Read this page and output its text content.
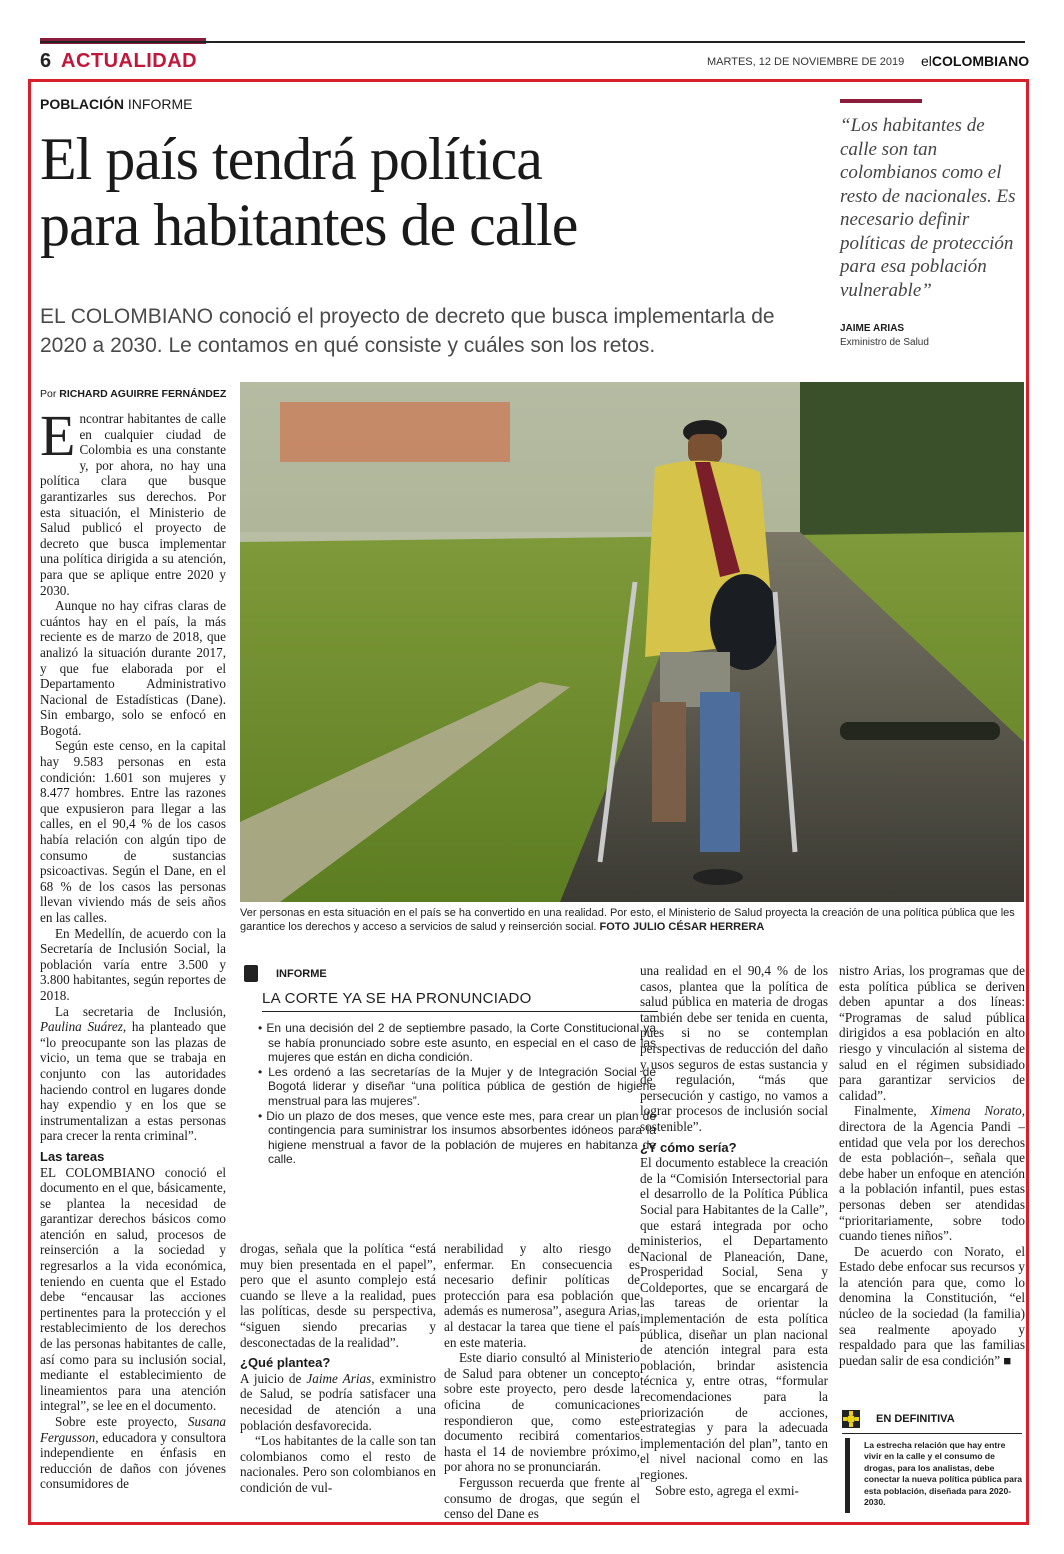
6 ACTUALIDAD	MARTES, 12 DE NOVIEMBRE DE 2019 elCOLOMBIANO
POBLACIÓN INFORME
El país tendrá política
para habitantes de calle
EL COLOMBIANO conoció el proyecto de decreto que busca implementarla de 2020 a 2030. Le contamos en qué consiste y cuáles son los retos.
“Los habitantes de calle son tan colombianos como el resto de nacionales. Es necesario definir políticas de protección para esa población vulnerable”
JAIME ARIAS
Exministro de Salud
Por RICHARD AGUIRRE FERNÁNDEZ

Encontrar habitantes de calle en cualquier ciudad de Colombia es una constante y, por ahora, no hay una política clara que busque garantizarles sus derechos. Por esta situación, el Ministerio de Salud publicó el proyecto de decreto que busca implementar una política dirigida a su atención, para que se aplique entre 2020 y 2030.

Aunque no hay cifras claras de cuántos hay en el país, la más reciente es de marzo de 2018, que analizó la situación durante 2017, y que fue elaborada por el Departamento Administrativo Nacional de Estadísticas (Dane). Sin embargo, solo se enfocó en Bogotá.

Según este censo, en la capital hay 9.583 personas en esta condición: 1.601 son mujeres y 8.477 hombres. Entre las razones que expusieron para llegar a las calles, en el 90,4 % de los casos había relación con algún tipo de consumo de sustancias psicoactivas. Según el Dane, en el 68 % de los casos las personas llevan viviendo más de seis años en las calles.

En Medellín, de acuerdo con la Secretaría de Inclusión Social, la población varía entre 3.500 y 3.800 habitantes, según reportes de 2018.

La secretaria de Inclusión, Paulina Suárez, ha planteado que “lo preocupante son las plazas de vicio, un tema que se trabaja en conjunto con las autoridades haciendo control en lugares donde hay expendio y en los que se instrumentalizan a estas personas para crecer la renta criminal”.

Las tareas

EL COLOMBIANO conoció el documento en el que, básicamente, se plantea la necesidad de garantizar derechos básicos como atención en salud, procesos de reinserción a la sociedad y regresarlos a la vida económica, teniendo en cuenta que el Estado debe “encausar las acciones pertinentes para la protección y el restablecimiento de los derechos de las personas habitantes de calle, así como para su inclusión social, mediante el establecimiento de lineamientos para una atención integral”, se lee en el documento.

Sobre este proyecto, Susana Fergusson, educadora y consultora independiente en énfasis en reducción de daños con jóvenes consumidores de

Ver personas en esta situación en el país se ha convertido en una realidad. Por esto, el Ministerio de Salud proyecta la creación de una política pública que les garantice los derechos y acceso a servicios de salud y reinserción social. FOTO JULIO CÉSAR HERRERA
INFORME
LA CORTE YA SE HA PRONUNCIADO
• En una decisión del 2 de septiembre pasado, la Corte Constitucional ya se había pronunciado sobre este asunto, en especial en el caso de las mujeres que están en dicha condición.
• Les ordenó a las secretarías de la Mujer y de Integración Social de Bogotá liderar y diseñar “una política pública de gestión de higiene menstrual para las mujeres”.
• Dio un plazo de dos meses, que vence este mes, para crear un plan de contingencia para suministrar los insumos absorbentes idóneos para la higiene menstrual a favor de la población de mujeres en habitanza de calle.

drogas, señala que la política “está muy bien presentada en el papel”, pero que el asunto complejo está cuando se lleve a la realidad, pues las políticas, desde su perspectiva, “siguen siendo precarias y desconectadas de la realidad”.

¿Qué plantea?

A juicio de Jaime Arias, exministro de Salud, se podría satisfacer una necesidad de atención a una población desfavorecida.

“Los habitantes de la calle son tan colombianos como el resto de nacionales. Pero son colombianos en condición de vul-

nerabilidad y alto riesgo de enfermar. En consecuencia es necesario definir políticas de protección para esa población que además es numerosa”, asegura Arias, al destacar la tarea que tiene el país en este materia.

Este diario consultó al Ministerio de Salud para obtener un concepto sobre este proyecto, pero desde la oficina de comunicaciones respondieron que, como este documento recibirá comentarios hasta el 14 de noviembre próximo, por ahora no se pronunciarán.

Fergusson recuerda que frente al consumo de drogas, que según el censo del Dane es

una realidad en el 90,4 % de los casos, plantea que la política de salud pública en materia de drogas también debe ser tenida en cuenta, pues si no se contemplan perspectivas de reducción del daño y usos seguros de estas sustancia y de regulación, “más que persecución y castigo, no vamos a lograr procesos de inclusión social sostenible”.

¿Y cómo sería?

El documento establece la creación de la “Comisión Intersectorial para el desarrollo de la Política Pública Social para Habitantes de la Calle”, que estará integrada por ocho ministerios, el Departamento Nacional de Planeación, Dane, Prosperidad Social, Sena y Coldeportes, que se encargará de las tareas de orientar la implementación de esta política pública, diseñar un plan nacional de atención integral para esta población, brindar asistencia técnica y, entre otras, “formular recomendaciones para la priorización de acciones, estrategias y para la adecuada implementación del plan”, tanto en el nivel nacional como en las regiones.

Sobre esto, agrega el exmi-

nistro Arias, los programas que de esta política pública se deriven deben apuntar a dos líneas: “Programas de salud pública dirigidos a esa población en alto riesgo y vinculación al sistema de salud en el régimen subsidiado para garantizar servicios de calidad”.

Finalmente, Ximena Norato, directora de la Agencia Pandi –entidad que vela por los derechos de esta población–, señala que debe haber un enfoque en atención a la población infantil, pues estas personas deben ser atendidas “prioritariamente, sobre todo cuando tienes niños”.

De acuerdo con Norato, el Estado debe enfocar sus recursos y la atención para que, como lo denomina la Constitución, “el núcleo de la sociedad (la familia) sea realmente apoyado y respaldado para que las familias puedan salir de esa condición” ■

EN DEFINITIVA
La estrecha relación que hay entre vivir en la calle y el consumo de drogas, para los analistas, debe conectar la nueva política pública para esta población, diseñada para 2020-2030.
